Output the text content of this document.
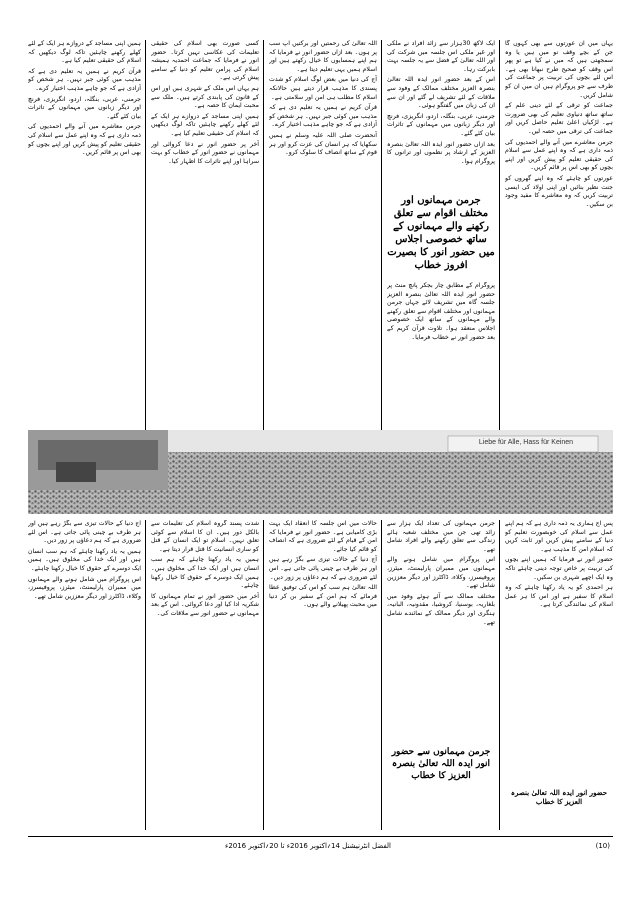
یہاں میں ان عورتوں سے بھی کہوں گا جن کے بچے وقف نو میں ہیں یا وہ سمجھتی ہیں کہ میں نے کیا ہے تو پھر اس وقف کو صحیح طرح نبھانا بھی ہے۔ اس لئے بچوں کی تربیت پر جماعت کی طرف سے جو پروگرام ہیں ان میں ان کو شامل کریں۔

جماعت کو ترقی کے لئے دینی علم کے ساتھ ساتھ دنیاوی تعلیم کی بھی ضرورت ہے۔ لڑکیاں اعلیٰ تعلیم حاصل کریں اور جماعت کی ترقی میں حصہ لیں۔

جرمن معاشرے میں آنے والے احمدیوں کی ذمہ داری ہے کہ وہ اپنے عمل سے اسلام کی حقیقی تعلیم کو پیش کریں اور اپنے بچوں کو بھی اس پر قائم کریں۔

عورتوں کو چاہئے کہ وہ اپنے گھروں کو جنت نظیر بنائیں اور اپنی اولاد کی ایسی تربیت کریں کہ وہ معاشرے کا مفید وجود بن سکیں۔

ایک لاکھ 30ہزار سے زائد افراد نے ملکی اور غیر ملکی اس جلسہ میں شرکت کی اور اللہ تعالیٰ کے فضل سے یہ جلسہ بہت بابرکت رہا۔

اس کے بعد حضور انور ایدہ اللہ تعالیٰ بنصرہ العزیز مختلف ممالک کے وفود سے ملاقات کے لئے تشریف لے گئے اور ان سے ان کی زبان میں گفتگو ہوئی۔

جرمنی، عربی، بنگلہ، اردو، انگریزی، فرنچ اور دیگر زبانوں میں مہمانوں کے تاثرات بیان کئے گئے۔

بعد ازاں حضور انور ایدہ اللہ تعالیٰ بنصرہ العزیز کے ارشاد پر نظموں اور ترانوں کا پروگرام ہوا۔

جرمن مہمانوں اور مختلف اقوام سے تعلق رکھنے والے مہمانوں کے ساتھ خصوصی اجلاس میں حضور انور کا بصیرت افروز خطاب

پروگرام کے مطابق چار بجکر پانچ منٹ پر حضور انور ایدہ اللہ تعالیٰ بنصرہ العزیز جلسہ گاہ میں تشریف لائے جہاں جرمن مہمانوں اور مختلف اقوام سے تعلق رکھنے والے مہمانوں کے ساتھ ایک خصوصی اجلاس منعقد ہوا۔ تلاوت قرآن کریم کے بعد حضور انور نے خطاب فرمایا۔

اللہ تعالیٰ کی رحمتیں اور برکتیں آپ سب پر ہوں۔ بعد ازاں حضور انور نے فرمایا کہ ہم اپنے ہمسایوں کا خیال رکھتے ہیں اور اسلام ہمیں یہی تعلیم دیتا ہے۔

آج کی دنیا میں بعض لوگ اسلام کو شدت پسندی کا مذہب قرار دیتے ہیں حالانکہ اسلام کا مطلب ہی امن اور سلامتی ہے۔

قرآن کریم نے ہمیں یہ تعلیم دی ہے کہ مذہب میں کوئی جبر نہیں۔ ہر شخص کو آزادی ہے کہ جو چاہے مذہب اختیار کرے۔

آنحضرت صلی اللہ علیہ وسلم نے ہمیں سکھایا کہ ہر انسان کی عزت کرو اور ہر قوم کے ساتھ انصاف کا سلوک کرو۔

کسی صورت بھی اسلام کی حقیقی تعلیمات کی عکاسی نہیں کرتا۔ حضور انور نے فرمایا کہ جماعت احمدیہ ہمیشہ اسلام کی پرامن تعلیم کو دنیا کے سامنے پیش کرتی ہے۔

ہم یہاں اس ملک کے شہری ہیں اور اس کے قانون کی پابندی کرتے ہیں۔ ملک سے محبت ایمان کا حصہ ہے۔

ہمیں اپنی مساجد کے دروازے ہر ایک کے لئے کھلے رکھنے چاہئیں تاکہ لوگ دیکھیں کہ اسلام کی حقیقی تعلیم کیا ہے۔

آخر پر حضور انور نے دعا کروائی اور مہمانوں نے حضور انور کے خطاب کو بہت سراہا اور اپنے تاثرات کا اظہار کیا۔

ہمیں اپنی مساجد کے دروازے ہر ایک کے لئے کھلے رکھنے چاہئیں تاکہ لوگ دیکھیں کہ اسلام کی حقیقی تعلیم کیا ہے۔

قرآن کریم نے ہمیں یہ تعلیم دی ہے کہ مذہب میں کوئی جبر نہیں۔ ہر شخص کو آزادی ہے کہ جو چاہے مذہب اختیار کرے۔

جرمنی، عربی، بنگلہ، اردو، انگریزی، فرنچ اور دیگر زبانوں میں مہمانوں کے تاثرات بیان کئے گئے۔

جرمن معاشرے میں آنے والے احمدیوں کی ذمہ داری ہے کہ وہ اپنے عمل سے اسلام کی حقیقی تعلیم کو پیش کریں اور اپنے بچوں کو بھی اس پر قائم کریں۔

Liebe für Alle, Hass für Keinen

پس آج ہماری یہ ذمہ داری ہے کہ ہم اپنے عمل سے اسلام کی خوبصورت تعلیم کو دنیا کے سامنے پیش کریں اور ثابت کریں کہ اسلام امن کا مذہب ہے۔

حضور انور نے فرمایا کہ ہمیں اپنے بچوں کی تربیت پر خاص توجہ دینی چاہئے تاکہ وہ ایک اچھے شہری بن سکیں۔

ہر احمدی کو یہ یاد رکھنا چاہئے کہ وہ اسلام کا سفیر ہے اور اس کا ہر عمل اسلام کی نمائندگی کرتا ہے۔

حضور انور ایدہ اللہ تعالیٰ بنصرہ العزیز کا خطاب

جرمن مہمانوں کی تعداد ایک ہزار سے زائد تھی جن میں مختلف شعبہ ہائے زندگی سے تعلق رکھنے والے افراد شامل تھے۔

اس پروگرام میں شامل ہونے والے مہمانوں میں ممبران پارلیمنٹ، میئرز، پروفیسرز، وکلاء، ڈاکٹرز اور دیگر معززین شامل تھے۔

مختلف ممالک سے آئے ہوئے وفود میں بلغاریہ، بوسنیا، کروشیا، مقدونیہ، البانیہ، ہنگری اور دیگر ممالک کے نمائندے شامل تھے۔

جرمن مہمانوں سے حضور انور ایدہ اللہ تعالیٰ بنصرہ العزیز کا خطاب

حالات میں اس جلسہ کا انعقاد ایک بہت بڑی کامیابی ہے۔ حضور انور نے فرمایا کہ امن کے قیام کے لئے ضروری ہے کہ انصاف کو قائم کیا جائے۔

آج دنیا کے حالات تیزی سے بگڑ رہے ہیں اور ہر طرف بے چینی پائی جاتی ہے۔ اس لئے ضروری ہے کہ ہم دعاؤں پر زور دیں۔

اللہ تعالیٰ ہم سب کو اس کی توفیق عطا فرمائے کہ ہم امن کے سفیر بن کر دنیا میں محبت پھیلانے والے ہوں۔

شدت پسند گروہ اسلام کی تعلیمات سے بالکل دور ہیں۔ ان کا اسلام سے کوئی تعلق نہیں۔ اسلام تو ایک انسان کے قتل کو ساری انسانیت کا قتل قرار دیتا ہے۔

ہمیں یہ یاد رکھنا چاہئے کہ ہم سب انسان ہیں اور ایک خدا کی مخلوق ہیں۔ ہمیں ایک دوسرے کے حقوق کا خیال رکھنا چاہئے۔

آخر میں حضور انور نے تمام مہمانوں کا شکریہ ادا کیا اور دعا کروائی۔ اس کے بعد مہمانوں نے حضور انور سے ملاقات کی۔

آج دنیا کے حالات تیزی سے بگڑ رہے ہیں اور ہر طرف بے چینی پائی جاتی ہے۔ اس لئے ضروری ہے کہ ہم دعاؤں پر زور دیں۔

ہمیں یہ یاد رکھنا چاہئے کہ ہم سب انسان ہیں اور ایک خدا کی مخلوق ہیں۔ ہمیں ایک دوسرے کے حقوق کا خیال رکھنا چاہئے۔

اس پروگرام میں شامل ہونے والے مہمانوں میں ممبران پارلیمنٹ، میئرز، پروفیسرز، وکلاء، ڈاکٹرز اور دیگر معززین شامل تھے۔

الفضل انٹرنیشنل 14؍اکتوبر 2016ء تا 20؍اکتوبر 2016ء	(10)
